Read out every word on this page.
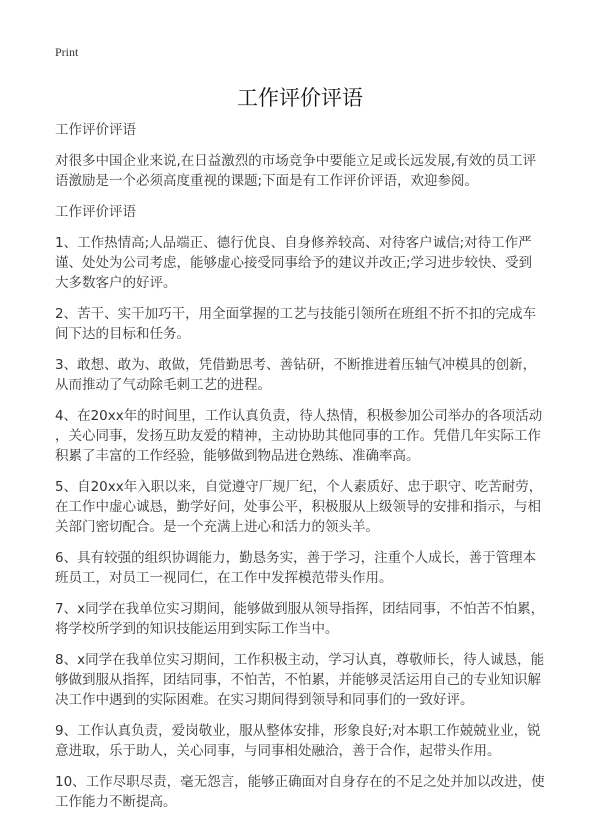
Print
工作评价评语
工作评价评语
对很多中国企业来说,在日益激烈的市场竞争中要能立足或长远发展,有效的员工评
语激励是一个必须高度重视的课题;下面是有工作评价评语，欢迎参阅。
工作评价评语
1、工作热情高;人品端正、德行优良、自身修养较高、对待客户诚信;对待工作严
谨、处处为公司考虑，能够虚心接受同事给予的建议并改正;学习进步较快、受到
大多数客户的好评。
2、苦干、实干加巧干，用全面掌握的工艺与技能引领所在班组不折不扣的完成车
间下达的目标和任务。
3、敢想、敢为、敢做，凭借勤思考、善钻研，不断推进着压轴气冲模具的创新，
从而推动了气动除毛刺工艺的进程。
4、在20xx年的时间里，工作认真负责，待人热情，积极参加公司举办的各项活动
，关心同事，发扬互助友爱的精神，主动协助其他同事的工作。凭借几年实际工作
积累了丰富的工作经验，能够做到物品进仓熟练、准确率高。
5、自20xx年入职以来，自觉遵守厂规厂纪，个人素质好、忠于职守、吃苦耐劳，
在工作中虚心诚恳，勤学好问，处事公平，积极服从上级领导的安排和指示，与相
关部门密切配合。是一个充满上进心和活力的领头羊。
6、具有较强的组织协调能力，勤恳务实，善于学习，注重个人成长，善于管理本
班员工，对员工一视同仁，在工作中发挥模范带头作用。
7、x同学在我单位实习期间，能够做到服从领导指挥，团结同事，不怕苦不怕累，
将学校所学到的知识技能运用到实际工作当中。
8、x同学在我单位实习期间，工作积极主动，学习认真，尊敬师长，待人诚恳，能
够做到服从指挥，团结同事，不怕苦，不怕累，并能够灵活运用自己的专业知识解
决工作中遇到的实际困难。在实习期间得到领导和同事们的一致好评。
9、工作认真负责，爱岗敬业，服从整体安排，形象良好;对本职工作兢兢业业，锐
意进取，乐于助人，关心同事，与同事相处融洽，善于合作，起带头作用。
10、工作尽职尽责，毫无怨言，能够正确面对自身存在的不足之处并加以改进，使
工作能力不断提高。
